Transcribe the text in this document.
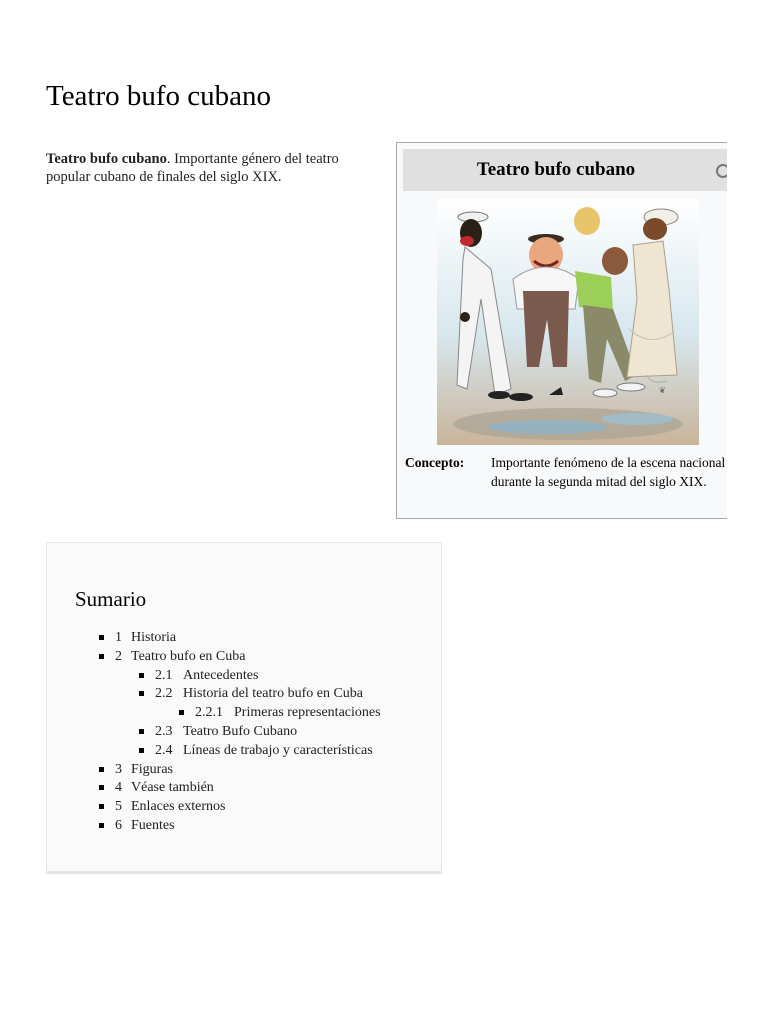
Teatro bufo cubano

Teatro bufo cubano. Importante género del teatro popular cubano de finales del siglo XIX.	Teatro bufo cubano
❦
Concepto: Importante fenómeno de la escena nacional durante la segunda mitad del siglo XIX.
Sumario
1 Historia
2 Teatro bufo en Cuba
2.1 Antecedentes
2.2 Historia del teatro bufo en Cuba
2.2.1 Primeras representaciones
2.3 Teatro Bufo Cubano
2.4 Líneas de trabajo y características
3 Figuras
4 Véase también
5 Enlaces externos
6 Fuentes
